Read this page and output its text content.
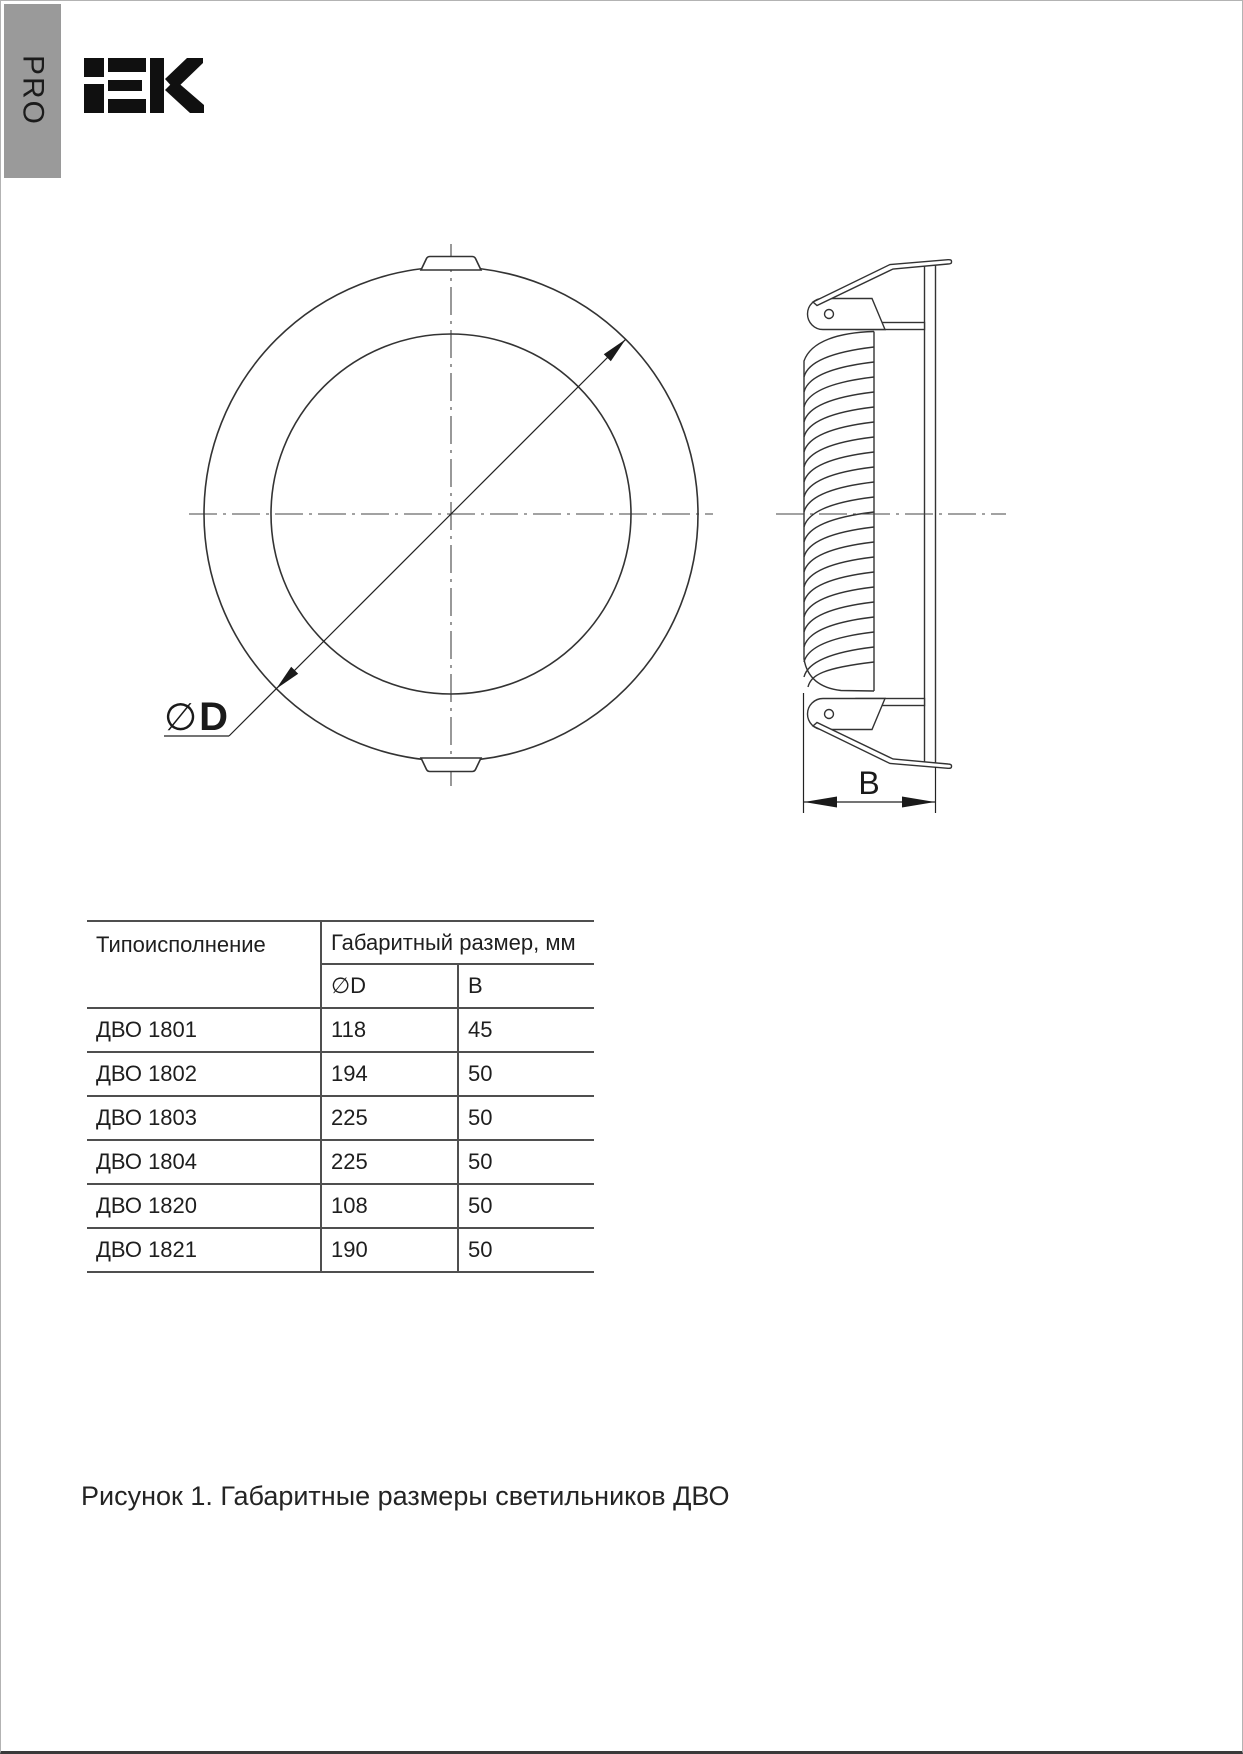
PRO
∅D
B
Типоисполнение	Габаритный размер, мм	
	∅D	B
ДВО 1801	118	45
ДВО 1802	194	50
ДВО 1803	225	50
ДВО 1804	225	50
ДВО 1820	108	50
ДВО 1821	190	50
Рисунок 1. Габаритные размеры светильников ДВО
